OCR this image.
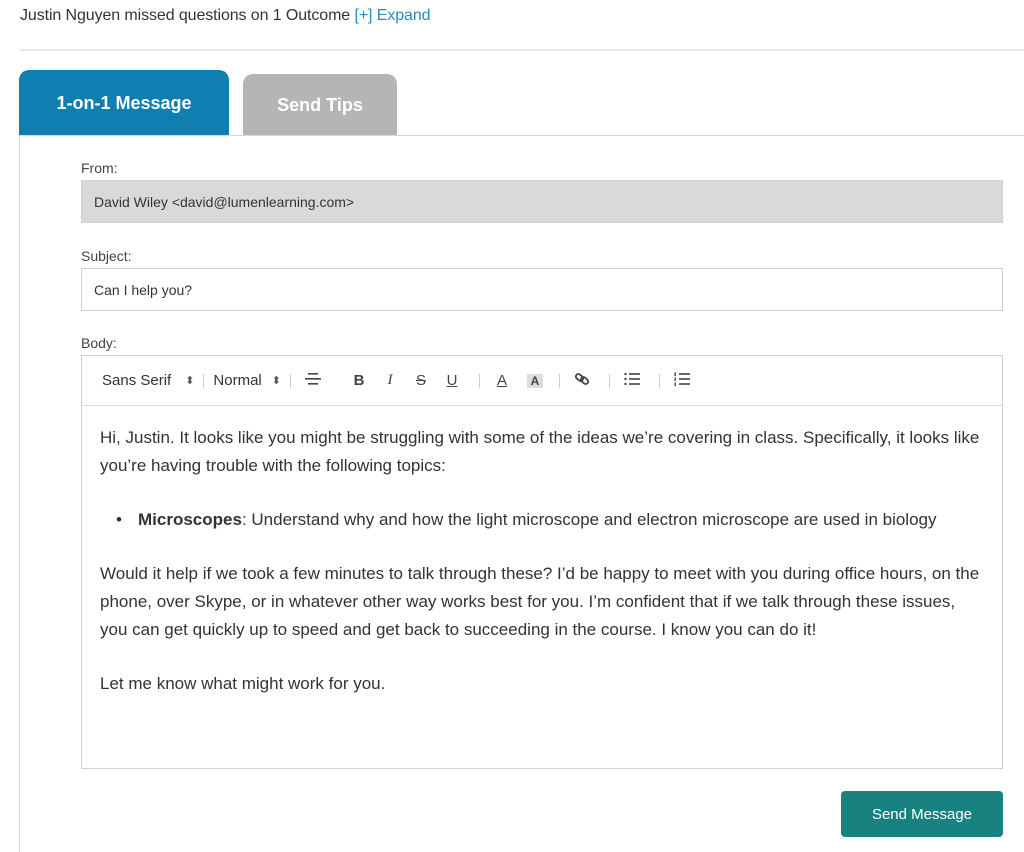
Justin Nguyen missed questions on 1 Outcome [+] Expand
1-on-1 Message	Send Tips
From:
David Wiley <david@lumenlearning.com>
Subject:
Can I help you?
Body:
Sans Serif ⬍ Normal ⬍	B	I	S	U	A	A

Hi, Justin. It looks like you might be struggling with some of the ideas we’re covering in class. Specifically, it looks like you’re having trouble with the following topics:

• Microscopes: Understand why and how the light microscope and electron microscope are used in biology

Would it help if we took a few minutes to talk through these? I’d be happy to meet with you during office hours, on the phone, over Skype, or in whatever other way works best for you. I’m confident that if we talk through these issues, you can get quickly up to speed and get back to succeeding in the course. I know you can do it!

Let me know what might work for you.

Send Message
